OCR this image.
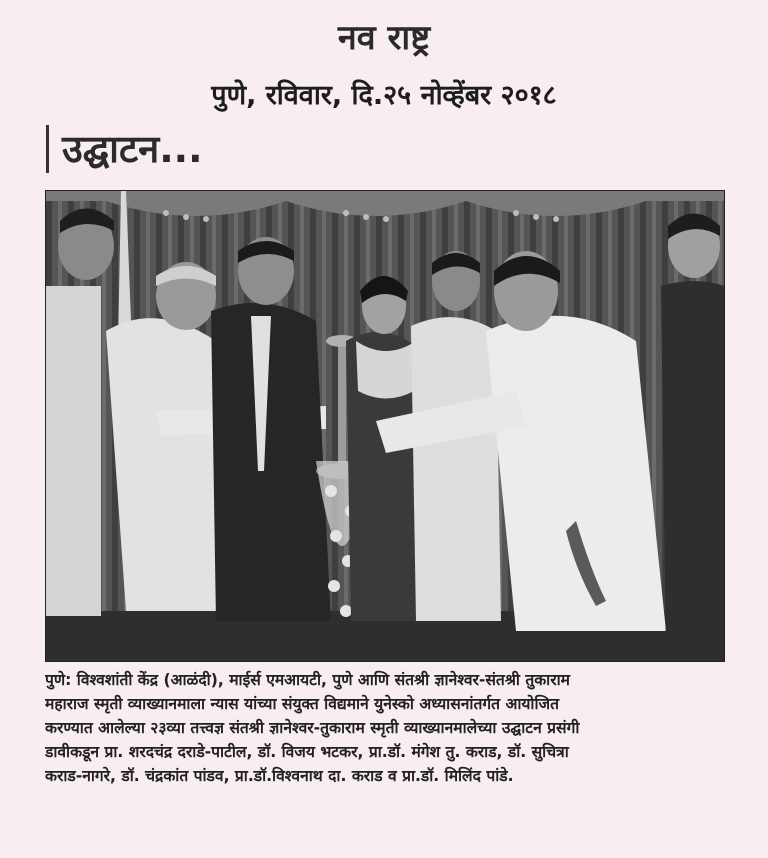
नव राष्ट्र
पुणे, रविवार, दि.२५ नोव्हेंबर २०१८
उद्घाटन...
पुणे: विश्वशांती केंद्र (आळंदी), माईर्स एमआयटी, पुणे आणि संतश्री ज्ञानेश्वर-संतश्री तुकाराम
महाराज स्मृती व्याख्यानमाला न्यास यांच्या संयुक्त विद्यमाने युनेस्को अध्यासनांतर्गत आयोजित
करण्यात आलेल्या २३व्या तत्त्वज्ञ संतश्री ज्ञानेश्वर-तुकाराम स्मृती व्याख्यानमालेच्या उद्घाटन प्रसंगी
डावीकडून प्रा. शरदचंद्र दराडे-पाटील, डॉ. विजय भटकर, प्रा.डॉ. मंगेश तु. कराड, डॉ. सुचित्रा
कराड-नागरे, डॉ. चंद्रकांत पांडव, प्रा.डॉ.विश्वनाथ दा. कराड व प्रा.डॉ. मिलिंद पांडे.
